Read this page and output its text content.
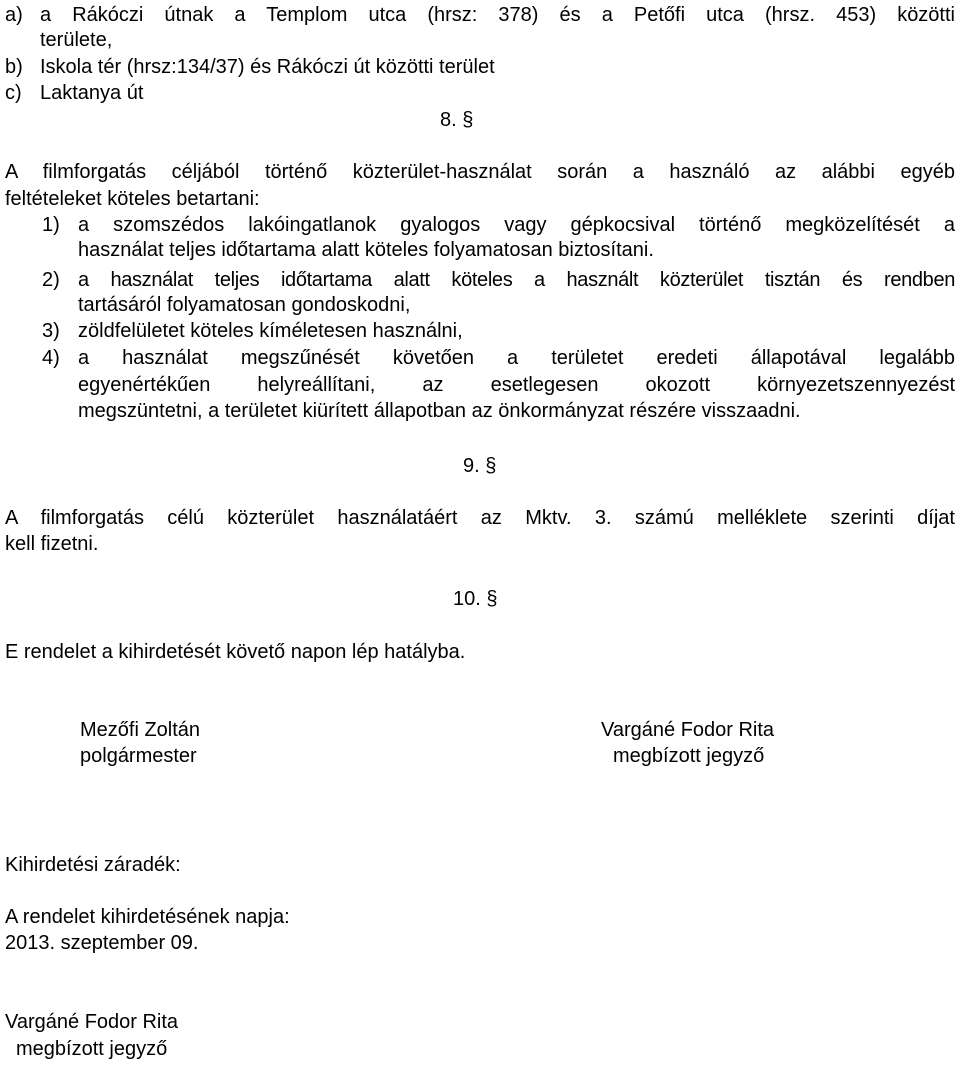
a) a Rákóczi útnak a Templom utca (hrsz: 378) és a Petőfi utca (hrsz. 453) közötti
területe,
b) Iskola tér (hrsz:134/37) és Rákóczi út közötti terület
c) Laktanya út
8. §
A filmforgatás céljából történő közterület-használat során a használó az alábbi egyéb
feltételeket köteles betartani:
1) a szomszédos lakóingatlanok gyalogos vagy gépkocsival történő megközelítését a
használat teljes időtartama alatt köteles folyamatosan biztosítani.
2) a használat teljes időtartama alatt köteles a használt közterület tisztán és rendben
tartásáról folyamatosan gondoskodni,
3) zöldfelületet köteles kíméletesen használni,
4) a használat megszűnését követően a területet eredeti állapotával legalább
egyenértékűen helyreállítani, az esetlegesen okozott környezetszennyezést
megszüntetni, a területet kiürített állapotban az önkormányzat részére visszaadni.
9. §
A filmforgatás célú közterület használatáért az Mktv. 3. számú melléklete szerinti díjat
kell fizetni.
10. §
E rendelet a kihirdetését követő napon lép hatályba.
Mezőfi Zoltán
polgármester
Vargáné Fodor Rita
megbízott jegyző
Kihirdetési záradék:
A rendelet kihirdetésének napja:
2013. szeptember 09.
Vargáné Fodor Rita
megbízott jegyző
